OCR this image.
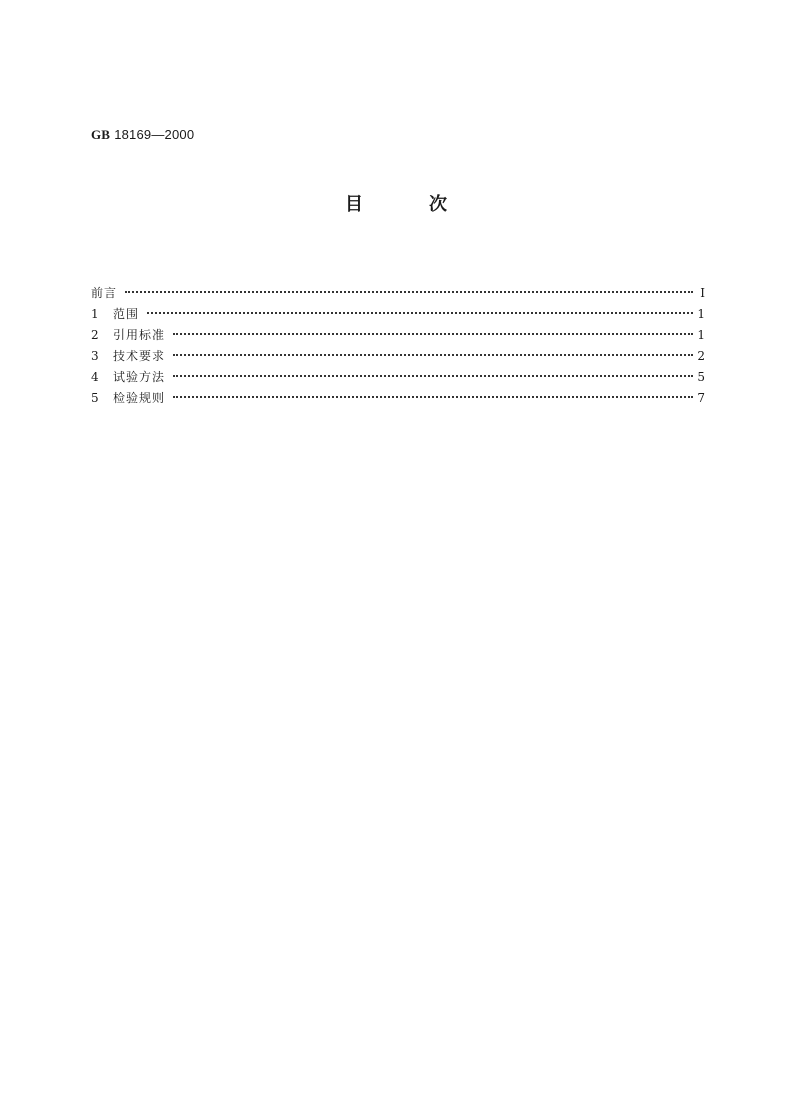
GB 18169—2000
目	次
前言	I
1	范围	1
2	引用标准	1
3	技术要求	2
4	试验方法	5
5	检验规则	7
